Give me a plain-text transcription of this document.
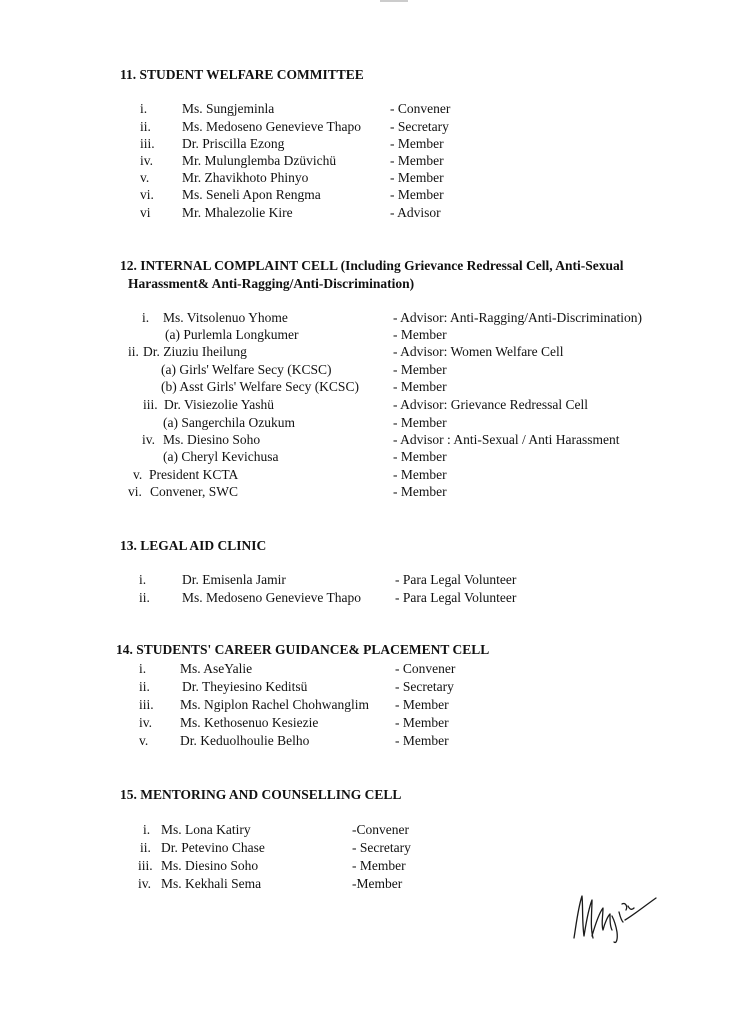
11. STUDENT WELFARE COMMITTEE
i.	Ms. Sungjeminla	- Convener
ii. Ms. Medoseno Genevieve Thapo - Secretary
iii. Dr. Priscilla Ezong	- Member
iv. Mr. Mulunglemba Dzüvichü	- Member
v. Mr. Zhavikhoto Phinyo	- Member
vi. Ms. Seneli Apon Rengma	- Member
vi Mr. Mhalezolie Kire	- Advisor
12. INTERNAL COMPLAINT CELL (Including Grievance Redressal Cell, Anti-Sexual
Harassment& Anti-Ragging/Anti-Discrimination)
i. Ms. Vitsolenuo Yhome	- Advisor: Anti-Ragging/Anti-Discrimination)
(a) Purlemla Longkumer	- Member
ii. Dr. Ziuziu Iheilung	- Advisor: Women Welfare Cell
(a) Girls' Welfare Secy (KCSC)	- Member
(b) Asst Girls' Welfare Secy (KCSC)	- Member
iii. Dr. Visiezolie Yashü	- Advisor: Grievance Redressal Cell
(a) Sangerchila Ozukum	- Member
iv. Ms. Diesino Soho	- Advisor : Anti-Sexual / Anti Harassment
(a) Cheryl Kevichusa	- Member
v. President KCTA	- Member
vi. Convener, SWC	- Member
13. LEGAL AID CLINIC
i.	Dr. Emisenla Jamir	- Para Legal Volunteer
ii. Ms. Medoseno Genevieve Thapo	- Para Legal Volunteer
14. STUDENTS' CAREER GUIDANCE& PLACEMENT CELL
i.	Ms. AseYalie	- Convener
ii. Dr. Theyiesino Keditsü	- Secretary
iii. Ms. Ngiplon Rachel Chohwanglim - Member
iv. Ms. Kethosenuo Kesiezie	- Member
v. Dr. Keduolhoulie Belho	- Member
15. MENTORING AND COUNSELLING CELL
i. Ms. Lona Katiry	-Convener
ii. Dr. Petevino Chase	- Secretary
iii. Ms. Diesino Soho	- Member
iv. Ms. Kekhali Sema	-Member
